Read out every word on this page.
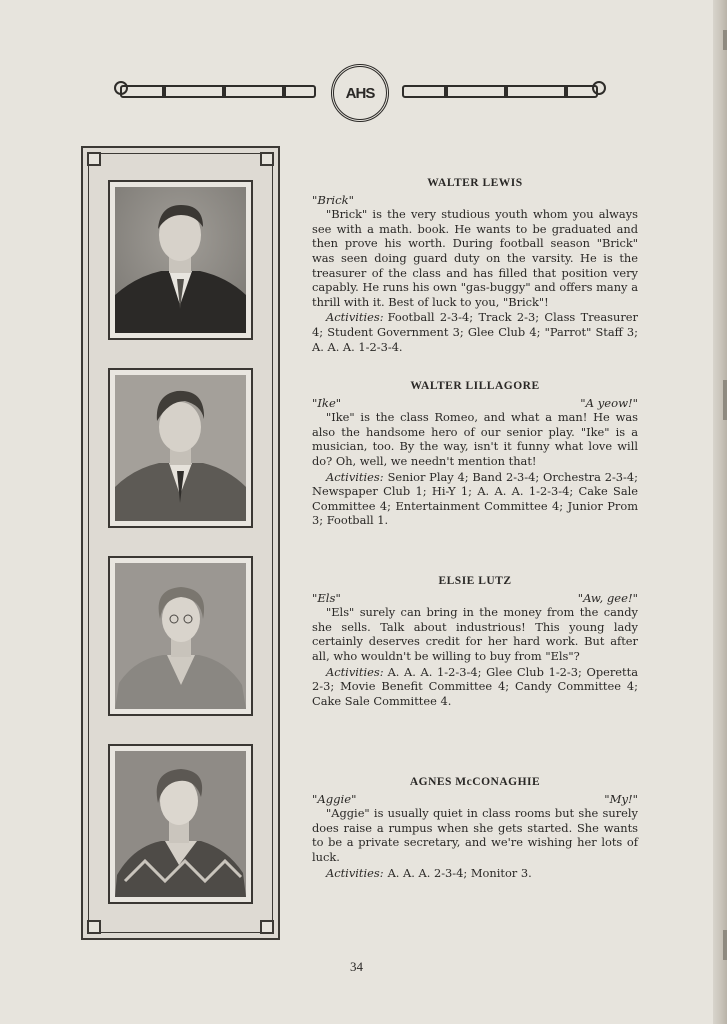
AHS
WALTER LEWIS
"Brick"

"Brick" is the very studious youth whom you always see with a math. book. He wants to be graduated and then prove his worth. During football season "Brick" was seen doing guard duty on the varsity. He is the treasurer of the class and has filled that position very capably. He runs his own "gas-buggy" and offers many a thrill with it. Best of luck to you, "Brick"!

Activities: Football 2-3-4; Track 2-3; Class Treasurer 4; Student Government 3; Glee Club 4; "Parrot" Staff 3; A. A. A. 1-2-3-4.

WALTER LILLAGORE
"Ike"	"A yeow!"

"Ike" is the class Romeo, and what a man! He was also the handsome hero of our senior play. "Ike" is a musician, too. By the way, isn't it funny what love will do? Oh, well, we needn't mention that!

Activities: Senior Play 4; Band 2-3-4; Orchestra 2-3-4; Newspaper Club 1; Hi-Y 1; A. A. A. 1-2-3-4; Cake Sale Committee 4; Entertainment Committee 4; Junior Prom 3; Football 1.

ELSIE LUTZ
"Els"	"Aw, gee!"

"Els" surely can bring in the money from the candy she sells. Talk about industrious! This young lady certainly deserves credit for her hard work. But after all, who wouldn't be willing to buy from "Els"?

Activities: A. A. A. 1-2-3-4; Glee Club 1-2-3; Operetta 2-3; Movie Benefit Committee 4; Candy Committee 4; Cake Sale Committee 4.

AGNES McCONAGHIE
"Aggie"	"My!"

"Aggie" is usually quiet in class rooms but she surely does raise a rumpus when she gets started. She wants to be a private secretary, and we're wishing her lots of luck.

Activities: A. A. A. 2-3-4; Monitor 3.

34
